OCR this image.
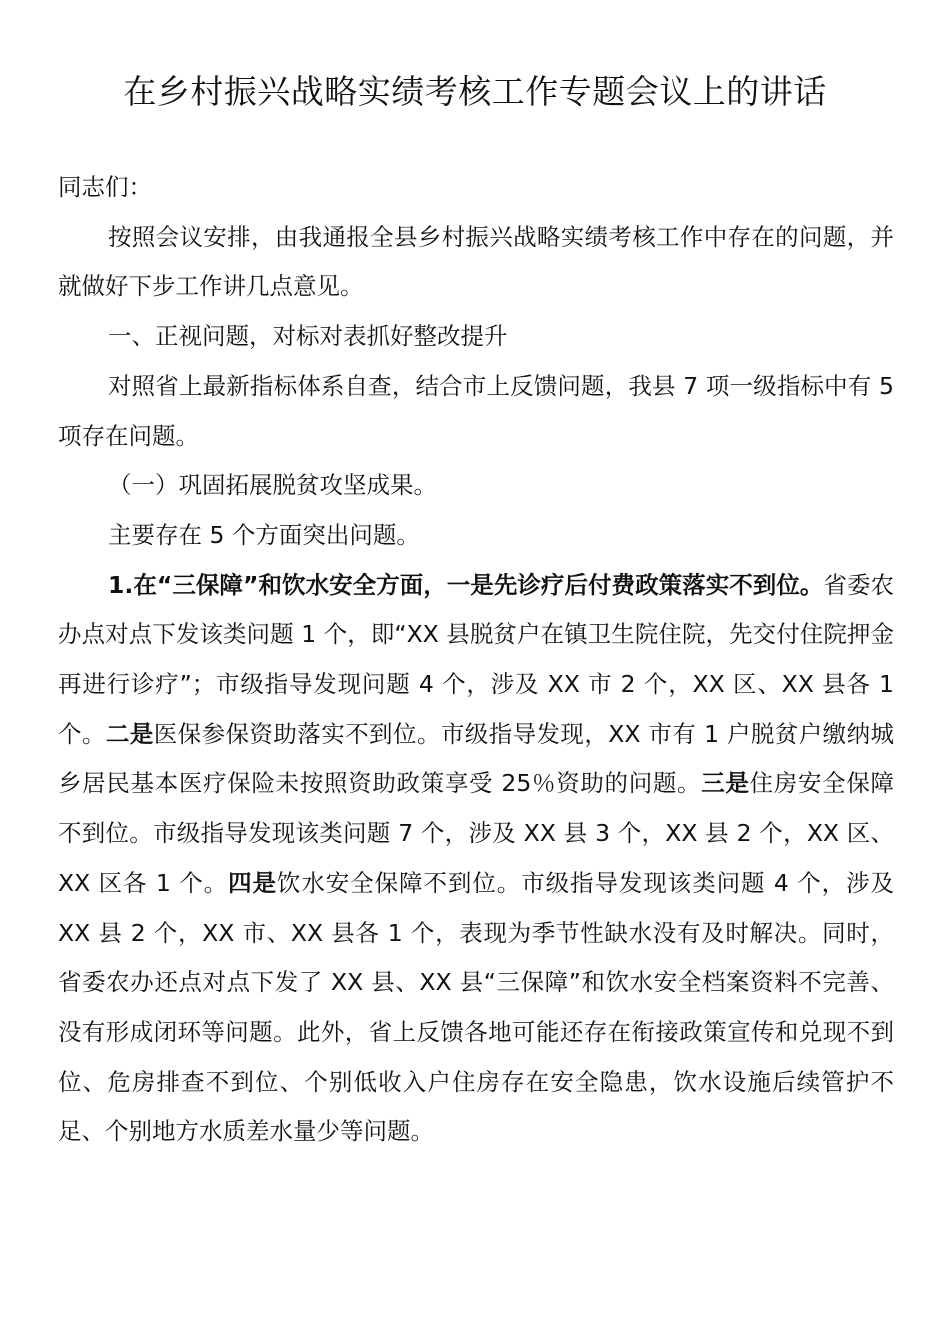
在乡村振兴战略实绩考核工作专题会议上的讲话

同志们：

按照会议安排，由我通报全县乡村振兴战略实绩考核工作中存在的问题，并就做好下步工作讲几点意见。

一、正视问题，对标对表抓好整改提升

对照省上最新指标体系自查，结合市上反馈问题，我县 7 项一级指标中有 5 项存在问题。

（一）巩固拓展脱贫攻坚成果。

主要存在 5 个方面突出问题。

1.在“三保障”和饮水安全方面，一是先诊疗后付费政策落实不到位。省委农办点对点下发该类问题 1 个，即“XX 县脱贫户在镇卫生院住院，先交付住院押金再进行诊疗”；市级指导发现问题 4 个，涉及 XX 市 2 个，XX 区、XX 县各 1 个。二是医保参保资助落实不到位。市级指导发现，XX 市有 1 户脱贫户缴纳城乡居民基本医疗保险未按照资助政策享受 25％资助的问题。三是住房安全保障不到位。市级指导发现该类问题 7 个，涉及 XX 县 3 个，XX 县 2 个，XX 区、XX 区各 1 个。四是饮水安全保障不到位。市级指导发现该类问题 4 个，涉及 XX 县 2 个，XX 市、XX 县各 1 个，表现为季节性缺水没有及时解决。同时，省委农办还点对点下发了 XX 县、XX 县“三保障”和饮水安全档案资料不完善、没有形成闭环等问题。此外，省上反馈各地可能还存在衔接政策宣传和兑现不到位、危房排查不到位、个别低收入户住房存在安全隐患，饮水设施后续管护不足、个别地方水质差水量少等问题。
